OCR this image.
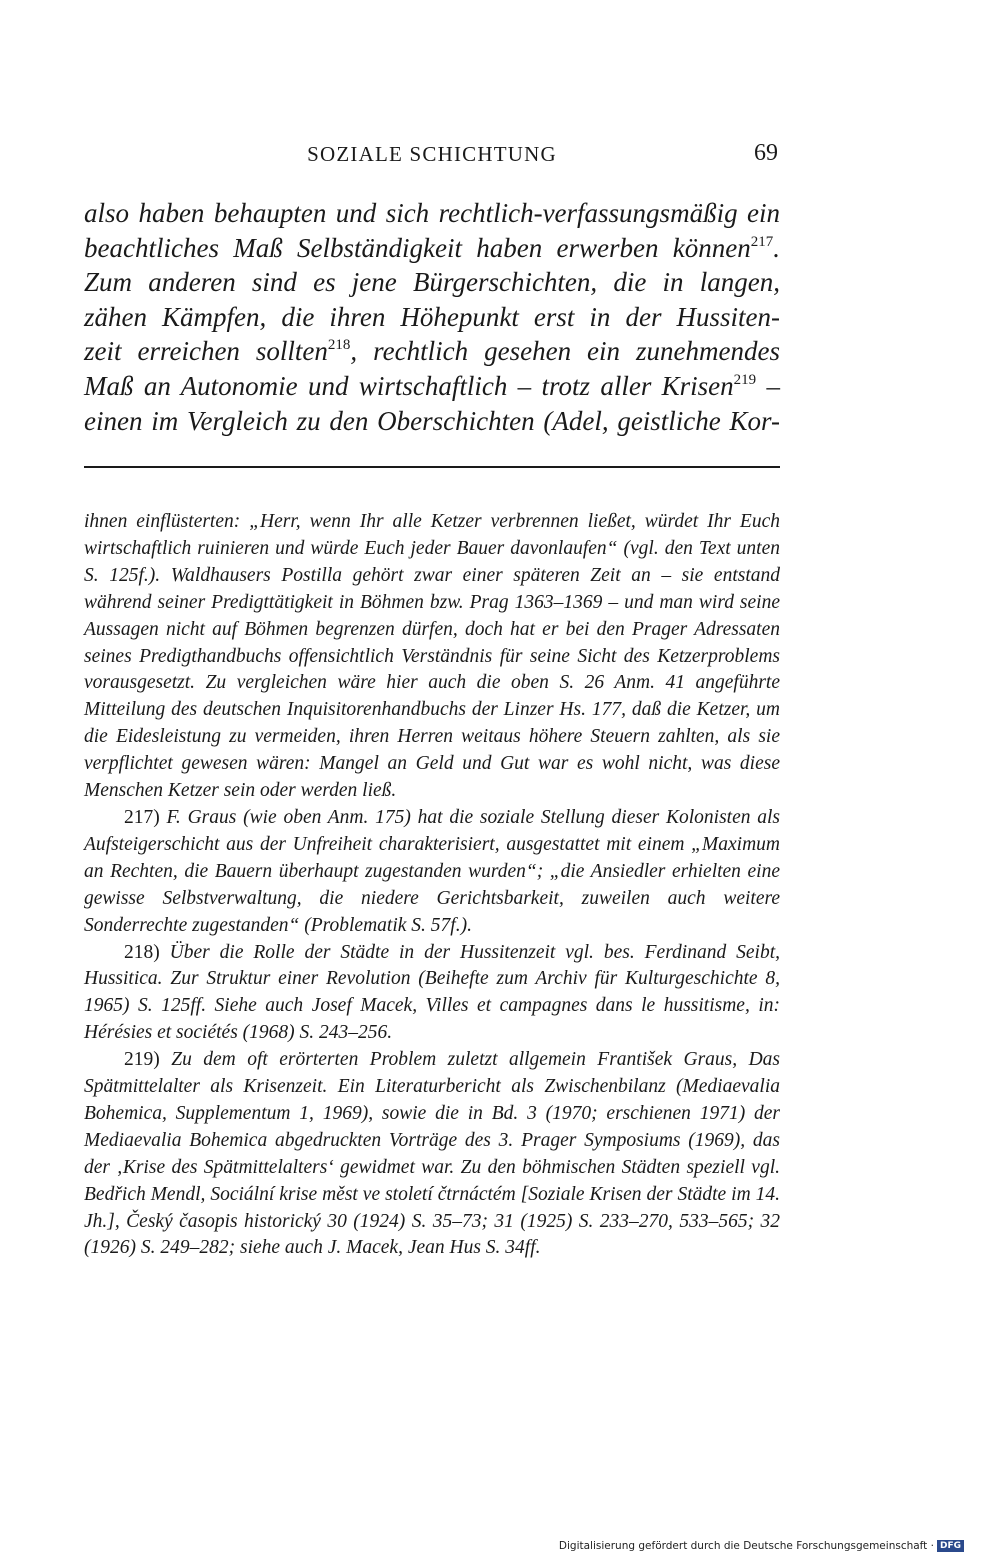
SOZIALE SCHICHTUNG	69
also haben behaupten und sich rechtlich-verfassungsmäßig ein
beachtliches Maß Selbständigkeit haben erwerben können$^{217}$.
Zum anderen sind es jene Bürgerschichten, die in langen,
zähen Kämpfen, die ihren Höhepunkt erst in der Hussiten-
zeit erreichen sollten$^{218}$, rechtlich gesehen ein zunehmendes
Maß an Autonomie und wirtschaftlich – trotz aller Krisen$^{219}$ –
einen im Vergleich zu den Oberschichten (Adel, geistliche Kor-

ihnen einflüsterten: „Herr, wenn Ihr alle Ketzer verbrennen ließet, würdet Ihr Euch wirtschaftlich ruinieren und würde Euch jeder Bauer davonlaufen“ (vgl. den Text unten S. 125f.). Waldhausers Postilla gehört zwar einer späteren Zeit an – sie entstand während seiner Predigttätigkeit in Böhmen bzw. Prag 1363–1369 – und man wird seine Aussagen nicht auf Böhmen begrenzen dürfen, doch hat er bei den Prager Adressaten seines Predigthandbuchs offensichtlich Verständnis für seine Sicht des Ketzerproblems vorausgesetzt. Zu vergleichen wäre hier auch die oben S. 26 Anm. 41 angeführte Mitteilung des deutschen Inquisitorenhandbuchs der Linzer Hs. 177, daß die Ketzer, um die Eidesleistung zu vermeiden, ihren Herren weitaus höhere Steuern zahlten, als sie verpflichtet gewesen wären: Mangel an Geld und Gut war es wohl nicht, was diese Menschen Ketzer sein oder werden ließ.

217) F. Graus (wie oben Anm. 175) hat die soziale Stellung dieser Kolonisten als Aufsteigerschicht aus der Unfreiheit charakterisiert, ausgestattet mit einem „Maximum an Rechten, die Bauern überhaupt zugestanden wurden“; „die Ansiedler erhielten eine gewisse Selbstverwaltung, die niedere Gerichtsbarkeit, zuweilen auch weitere Sonderrechte zugestanden“ (Problematik S. 57f.).

218) Über die Rolle der Städte in der Hussitenzeit vgl. bes. Ferdinand Seibt, Hussitica. Zur Struktur einer Revolution (Beihefte zum Archiv für Kulturgeschichte 8, 1965) S. 125ff. Siehe auch Josef Macek, Villes et campagnes dans le hussitisme, in: Hérésies et sociétés (1968) S. 243–256.

219) Zu dem oft erörterten Problem zuletzt allgemein František Graus, Das Spätmittelalter als Krisenzeit. Ein Literaturbericht als Zwischenbilanz (Mediaevalia Bohemica, Supplementum 1, 1969), sowie die in Bd. 3 (1970; erschienen 1971) der Mediaevalia Bohemica abgedruckten Vorträge des 3. Prager Symposiums (1969), das der ‚Krise des Spätmittelalters‘ gewidmet war. Zu den böhmischen Städten speziell vgl. Bedřich Mendl, Sociální krise měst ve století čtrnáctém [Soziale Krisen der Städte im 14. Jh.], Český časopis historický 30 (1924) S. 35–73; 31 (1925) S. 233–270, 533–565; 32 (1926) S. 249–282; siehe auch J. Macek, Jean Hus S. 34ff.

Digitalisierung gefördert durch die Deutsche Forschungsgemeinschaft · DFG
